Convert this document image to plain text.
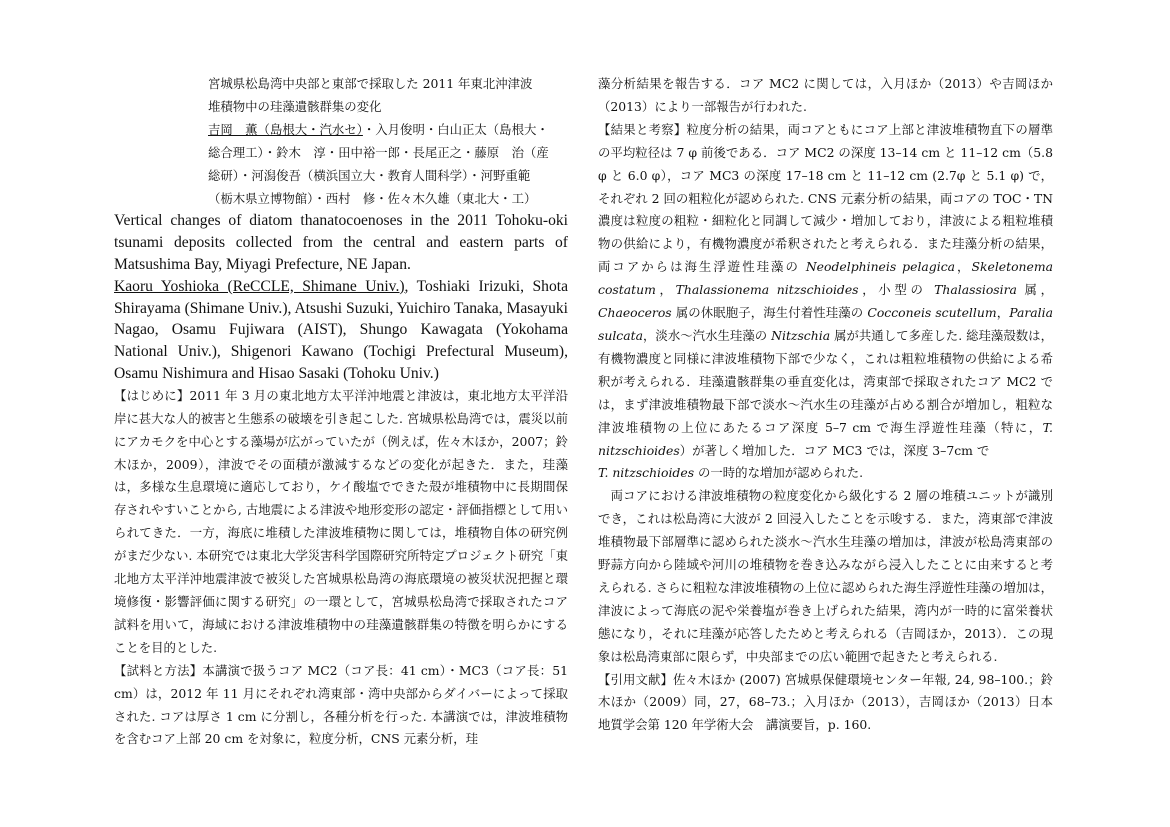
宮城県松島湾中央部と東部で採取した 2011 年東北沖津波
堆積物中の珪藻遺骸群集の変化

吉岡　薫（島根大・汽水セ）・入月俊明・白山正太（島根大・
総合理工）・鈴木　淳・田中裕一郎・長尾正之・藤原　治（産
総研）・河潟俊吾（横浜国立大・教育人間科学）・河野重範
（栃木県立博物館）・西村　修・佐々木久雄（東北大・工）

Vertical changes of diatom thanatocoenoses in the 2011 Tohoku-oki tsunami deposits collected from the central and eastern parts of Matsushima Bay, Miyagi Prefecture, NE Japan.

Kaoru Yoshioka (ReCCLE, Shimane Univ.), Toshiaki Irizuki, Shota Shirayama (Shimane Univ.), Atsushi Suzuki, Yuichiro Tanaka, Masayuki Nagao, Osamu Fujiwara (AIST), Shungo Kawagata (Yokohama National Univ.), Shigenori Kawano (Tochigi Prefectural Museum), Osamu Nishimura and Hisao Sasaki (Tohoku Univ.)

【はじめに】2011 年 3 月の東北地方太平洋沖地震と津波は，東北地方太平洋沿岸に甚大な人的被害と生態系の破壊を引き起こした. 宮城県松島湾では，震災以前にアカモクを中心とする藻場が広がっていたが（例えば，佐々木ほか，2007；鈴木ほか，2009），津波でその面積が激減するなどの変化が起きた．また，珪藻は，多様な生息環境に適応しており，ケイ酸塩でできた殻が堆積物中に長期間保存されやすいことから, 古地震による津波や地形変形の認定・評価指標として用いられてきた．一方，海底に堆積した津波堆積物に関しては，堆積物自体の研究例がまだ少ない. 本研究では東北大学災害科学国際研究所特定プロジェクト研究「東北地方太平洋沖地震津波で被災した宮城県松島湾の海底環境の被災状況把握と環境修復・影響評価に関する研究」の一環として，宮城県松島湾で採取されたコア試料を用いて，海域における津波堆積物中の珪藻遺骸群集の特徴を明らかにすることを目的とした.

【試料と方法】本講演で扱うコア MC2（コア長：41 cm）・MC3（コア長：51 cm）は，2012 年 11 月にそれぞれ湾東部・湾中央部からダイバーによって採取された. コアは厚さ 1 cm に分割し，各種分析を行った. 本講演では，津波堆積物を含むコア上部 20 cm を対象に，粒度分析，CNS 元素分析，珪

藻分析結果を報告する．コア MC2 に関しては，入月ほか（2013）や吉岡ほか（2013）により一部報告が行われた.

【結果と考察】粒度分析の結果，両コアともにコア上部と津波堆積物直下の層準の平均粒径は 7 φ 前後である．コア MC2 の深度 13–14 cm と 11–12 cm（5.8 φ と 6.0 φ），コア MC3 の深度 17–18 cm と 11–12 cm (2.7φ と 5.1 φ) で，それぞれ 2 回の粗粒化が認められた. CNS 元素分析の結果，両コアの TOC・TN 濃度は粒度の粗粒・細粒化と同調して減少・増加しており，津波による粗粒堆積物の供給により，有機物濃度が希釈されたと考えられる．また珪藻分析の結果，両コアからは海生浮遊性珪藻の Neodelphineis pelagica，Skeletonema costatum，Thalassionema nitzschioides，小型の Thalassiosira 属，Chaeoceros 属の休眠胞子，海生付着性珪藻の Cocconeis scutellum，Paralia sulcata，淡水〜汽水生珪藻の Nitzschia 属が共通して多産した. 総珪藻殻数は，有機物濃度と同様に津波堆積物下部で少なく，これは粗粒堆積物の供給による希釈が考えられる．珪藻遺骸群集の垂直変化は，湾東部で採取されたコア MC2 では，まず津波堆積物最下部で淡水〜汽水生の珪藻が占める割合が増加し，粗粒な津波堆積物の上位にあたるコア深度 5–7 cm で海生浮遊性珪藻（特に，T. nitzschioides）が著しく増加した．コア MC3 では，深度 3–7cm で
T. nitzschioides の一時的な増加が認められた.

　両コアにおける津波堆積物の粒度変化から級化する 2 層の堆積ユニットが識別でき，これは松島湾に大波が 2 回浸入したことを示唆する．また，湾東部で津波堆積物最下部層準に認められた淡水〜汽水生珪藻の増加は，津波が松島湾東部の野蒜方向から陸域や河川の堆積物を巻き込みながら浸入したことに由来すると考えられる. さらに粗粒な津波堆積物の上位に認められた海生浮遊性珪藻の増加は，津波によって海底の泥や栄養塩が巻き上げられた結果，湾内が一時的に富栄養状態になり，それに珪藻が応答したためと考えられる（吉岡ほか，2013）．この現象は松島湾東部に限らず，中央部までの広い範囲で起きたと考えられる.

【引用文献】佐々木ほか (2007) 宮城県保健環境センター年報, 24, 98–100.；鈴木ほか（2009）同，27，68–73.；入月ほか（2013），吉岡ほか（2013）日本地質学会第 120 年学術大会　講演要旨，p. 160.
